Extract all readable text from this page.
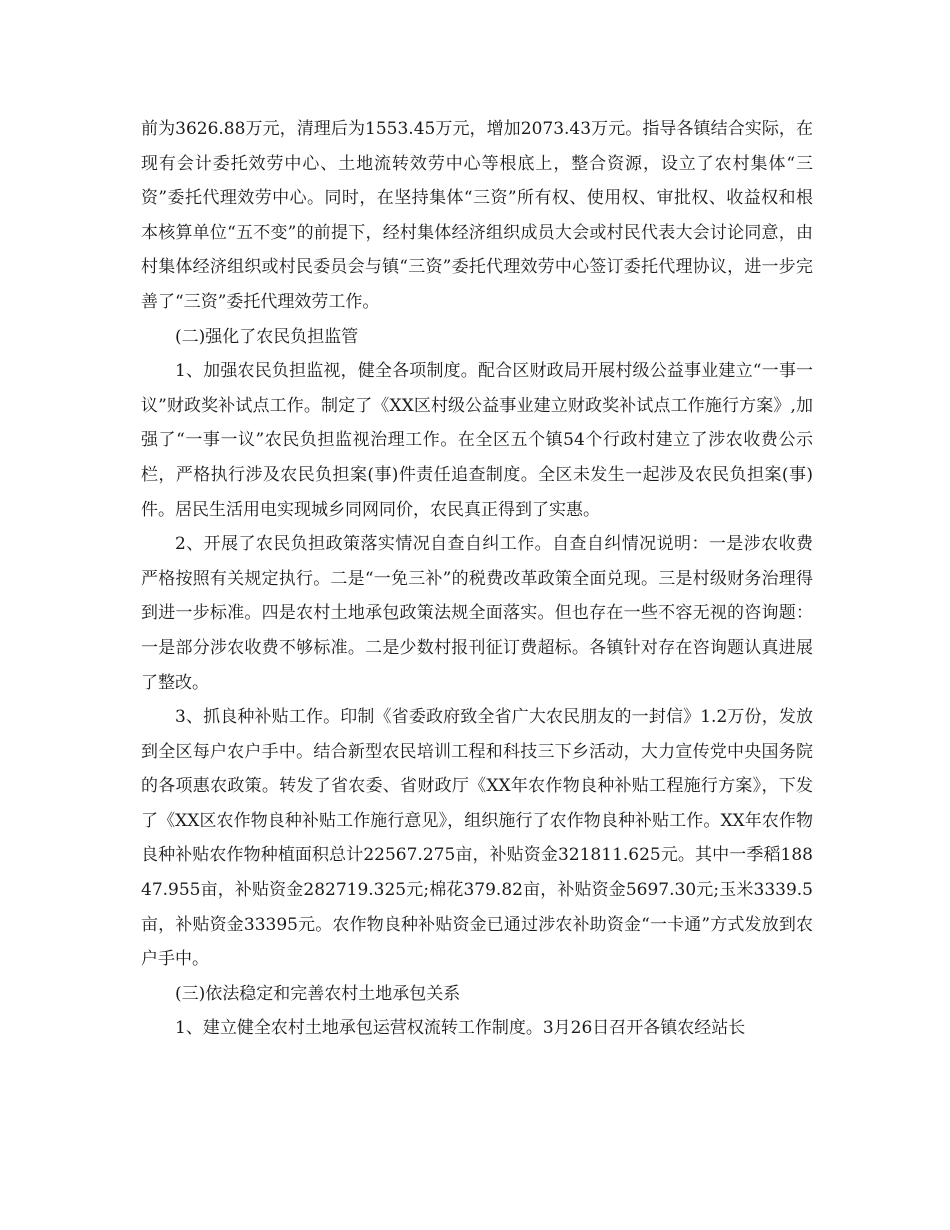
前为3626.88万元，清理后为1553.45万元，增加2073.43万元。指导各镇结合实际，在现有会计委托效劳中心、土地流转效劳中心等根底上，整合资源，设立了农村集体“三资”委托代理效劳中心。同时，在坚持集体“三资”所有权、使用权、审批权、收益权和根本核算单位“五不变”的前提下，经村集体经济组织成员大会或村民代表大会讨论同意，由村集体经济组织或村民委员会与镇“三资”委托代理效劳中心签订委托代理协议，进一步完善了“三资”委托代理效劳工作。

(二)强化了农民负担监管

1、加强农民负担监视，健全各项制度。配合区财政局开展村级公益事业建立“一事一议”财政奖补试点工作。制定了《XX区村级公益事业建立财政奖补试点工作施行方案》,加强了“一事一议”农民负担监视治理工作。在全区五个镇54个行政村建立了涉农收费公示栏，严格执行涉及农民负担案(事)件责任追查制度。全区未发生一起涉及农民负担案(事)件。居民生活用电实现城乡同网同价，农民真正得到了实惠。

2、开展了农民负担政策落实情况自查自纠工作。自查自纠情况说明：一是涉农收费严格按照有关规定执行。二是“一免三补”的税费改革政策全面兑现。三是村级财务治理得到进一步标准。四是农村土地承包政策法规全面落实。但也存在一些不容无视的咨询题：一是部分涉农收费不够标准。二是少数村报刊征订费超标。各镇针对存在咨询题认真进展了整改。

3、抓良种补贴工作。印制《省委政府致全省广大农民朋友的一封信》1.2万份，发放到全区每户农户手中。结合新型农民培训工程和科技三下乡活动，大力宣传党中央国务院的各项惠农政策。转发了省农委、省财政厅《XX年农作物良种补贴工程施行方案》，下发了《XX区农作物良种补贴工作施行意见》，组织施行了农作物良种补贴工作。XX年农作物良种补贴农作物种植面积总计22567.275亩，补贴资金321811.625元。其中一季稻18847.955亩，补贴资金282719.325元;棉花379.82亩，补贴资金5697.30元;玉米3339.5亩，补贴资金33395元。农作物良种补贴资金已通过涉农补助资金“一卡通”方式发放到农户手中。

(三)依法稳定和完善农村土地承包关系

1、建立健全农村土地承包运营权流转工作制度。3月26日召开各镇农经站长
